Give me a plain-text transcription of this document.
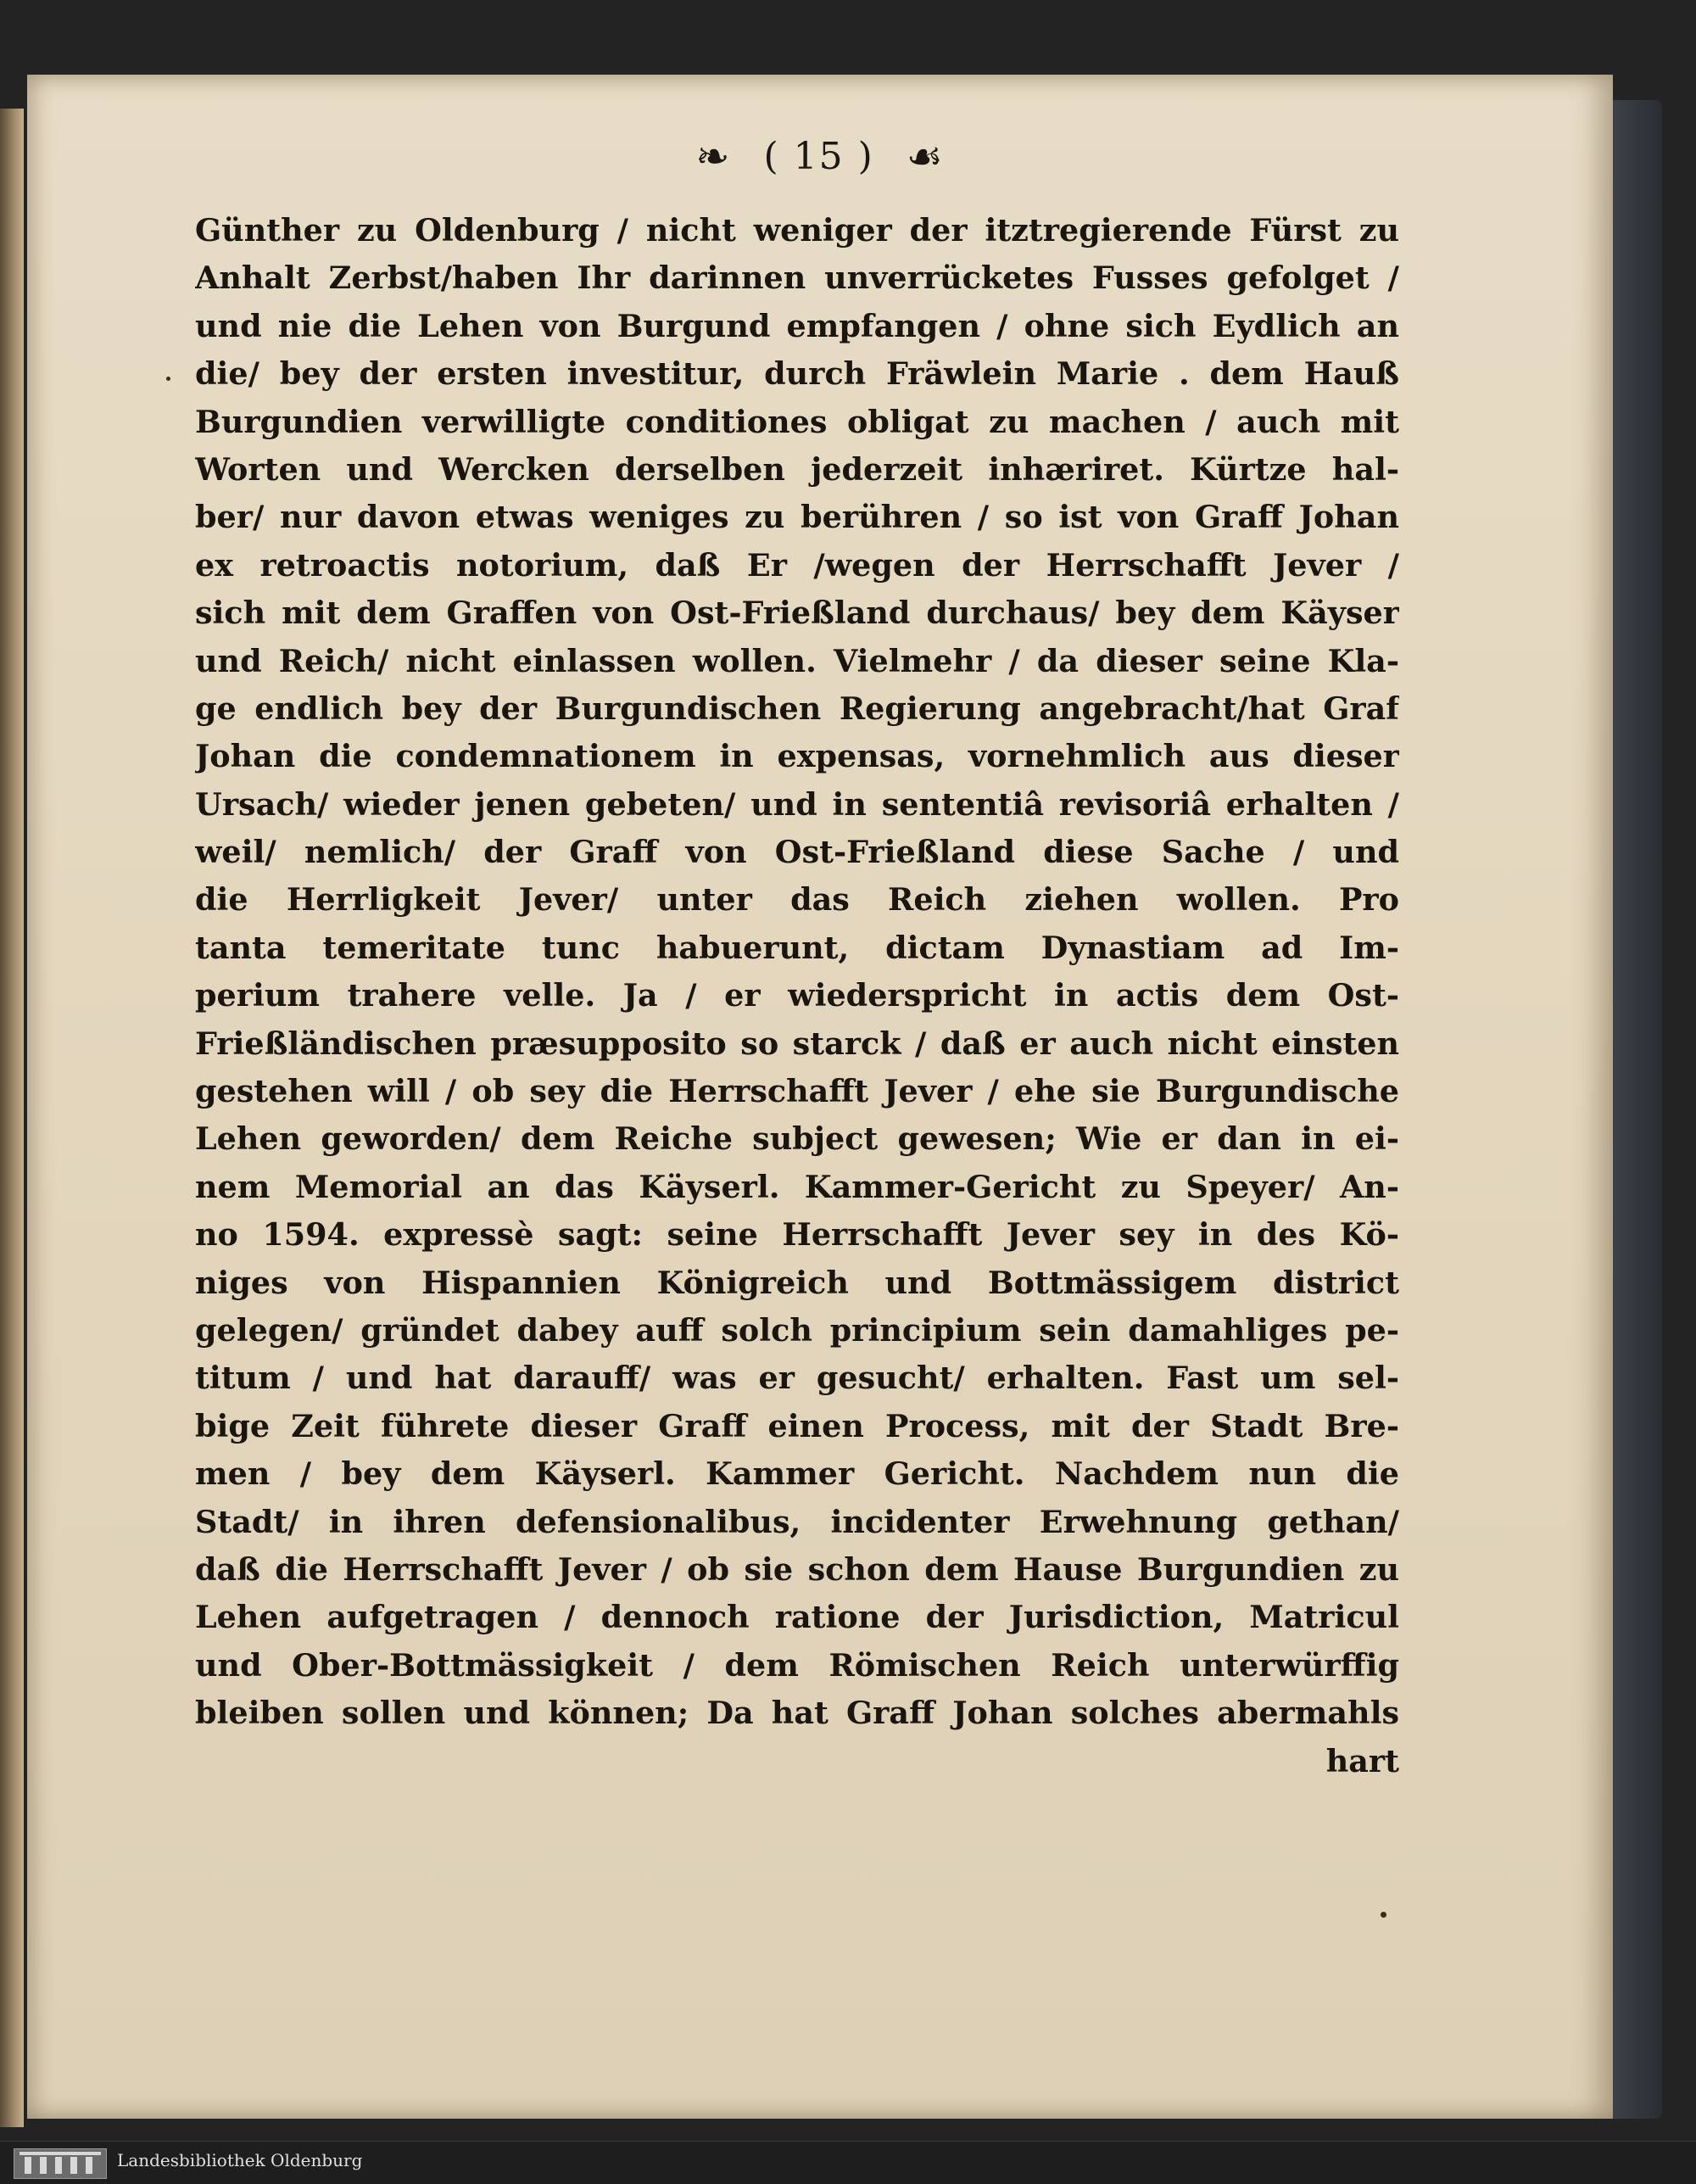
❧ ( 15 ) ☙
Günther zu Oldenburg / nicht weniger der itztregierende Fürst zu
Anhalt Zerbst/haben Ihr darinnen unverrücketes Fusses gefolget /
und nie die Lehen von Burgund empfangen / ohne sich Eydlich an
die/ bey der ersten investitur, durch Fräwlein Marie . dem Hauß
Burgundien verwilligte conditiones obligat zu machen / auch mit
Worten und Wercken derselben jederzeit inhæriret. Kürtze hal-
ber/ nur davon etwas weniges zu berühren / so ist von Graff Johan
ex retroactis notorium, daß Er /wegen der Herrschafft Jever /
sich mit dem Graffen von Ost-Frießland durchaus/ bey dem Käyser
und Reich/ nicht einlassen wollen. Vielmehr / da dieser seine Kla-
ge endlich bey der Burgundischen Regierung angebracht/hat Graf
Johan die condemnationem in expensas, vornehmlich aus dieser
Ursach/ wieder jenen gebeten/ und in sententiâ revisoriâ erhalten /
weil/ nemlich/ der Graff von Ost-Frießland diese Sache / und
die Herrligkeit Jever/ unter das Reich ziehen wollen. Pro
tanta temeritate tunc habuerunt, dictam Dynastiam ad Im-
perium trahere velle. Ja / er wiederspricht in actis dem Ost-
Frießländischen præsupposito so starck / daß er auch nicht einsten
gestehen will / ob sey die Herrschafft Jever / ehe sie Burgundische
Lehen geworden/ dem Reiche subject gewesen; Wie er dan in ei-
nem Memorial an das Käyserl. Kammer-Gericht zu Speyer/ An-
no 1594. expressè sagt: seine Herrschafft Jever sey in des Kö-
niges von Hispannien Königreich und Bottmässigem district
gelegen/ gründet dabey auff solch principium sein damahliges pe-
titum / und hat darauff/ was er gesucht/ erhalten. Fast um sel-
bige Zeit führete dieser Graff einen Process, mit der Stadt Bre-
men / bey dem Käyserl. Kammer Gericht. Nachdem nun die
Stadt/ in ihren defensionalibus, incidenter Erwehnung gethan/
daß die Herrschafft Jever / ob sie schon dem Hause Burgundien zu
Lehen aufgetragen / dennoch ratione der Jurisdiction, Matricul
und Ober-Bottmässigkeit / dem Römischen Reich unterwürffig
bleiben sollen und können; Da hat Graff Johan solches abermahls
hart
Landesbibliothek Oldenburg
